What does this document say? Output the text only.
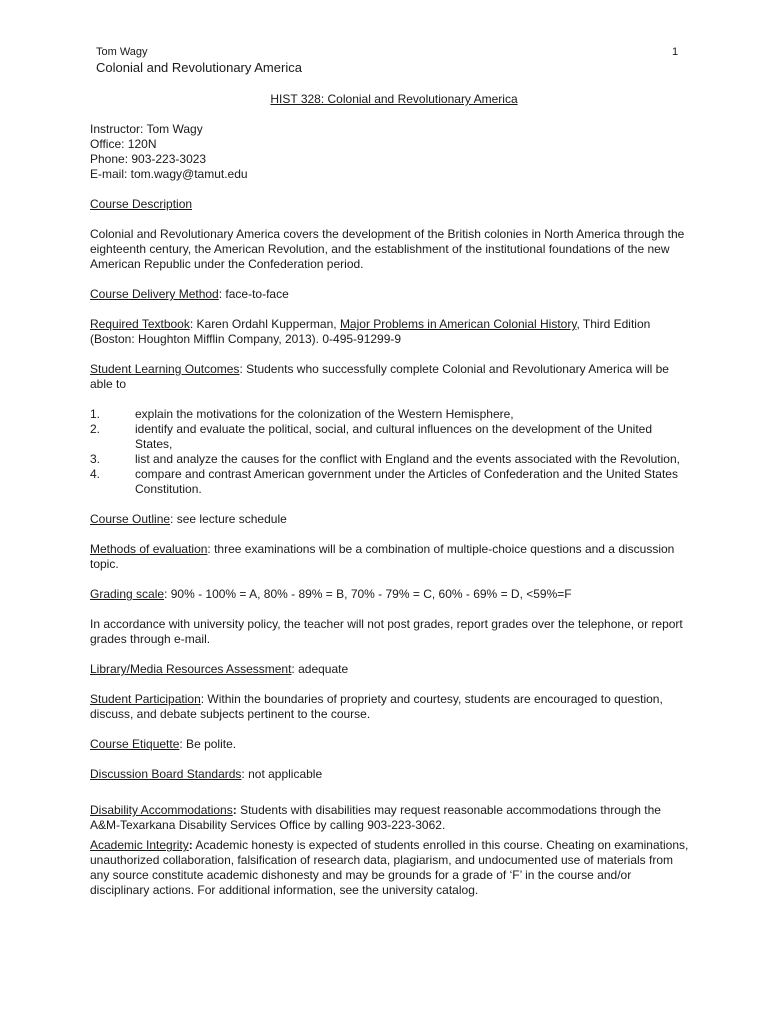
Tom Wagy	1
Colonial and Revolutionary America

HIST 328: Colonial and Revolutionary America

Instructor: Tom Wagy

Office: 120N

Phone: 903-223-3023

E-mail: tom.wagy@tamut.edu

Course Description

Colonial and Revolutionary America covers the development of the British colonies in North America through the eighteenth century, the American Revolution, and the establishment of the institutional foundations of the new American Republic under the Confederation period.

Course Delivery Method: face-to-face

Required Textbook: Karen Ordahl Kupperman, Major Problems in American Colonial History, Third Edition (Boston: Houghton Mifflin Company, 2013). 0-495-91299-9

Student Learning Outcomes: Students who successfully complete Colonial and Revolutionary America will be able to

1.	explain the motivations for the colonization of the Western Hemisphere,
2.	identify and evaluate the political, social, and cultural influences on the development of the United States,
3.	list and analyze the causes for the conflict with England and the events associated with the Revolution,
4.	compare and contrast American government under the Articles of Confederation and the United States Constitution.

Course Outline: see lecture schedule

Methods of evaluation: three examinations will be a combination of multiple-choice questions and a discussion topic.

Grading scale: 90% - 100% = A, 80% - 89% = B, 70% - 79% = C, 60% - 69% = D, <59%=F

In accordance with university policy, the teacher will not post grades, report grades over the telephone, or report grades through e-mail.

Library/Media Resources Assessment: adequate

Student Participation: Within the boundaries of propriety and courtesy, students are encouraged to question, discuss, and debate subjects pertinent to the course.

Course Etiquette: Be polite.

Discussion Board Standards: not applicable

Disability Accommodations: Students with disabilities may request reasonable accommodations through the A&M-Texarkana Disability Services Office by calling 903-223-3062.

Academic Integrity: Academic honesty is expected of students enrolled in this course. Cheating on examinations, unauthorized collaboration, falsification of research data, plagiarism, and undocumented use of materials from any source constitute academic dishonesty and may be grounds for a grade of ‘F’ in the course and/or disciplinary actions. For additional information, see the university catalog.
